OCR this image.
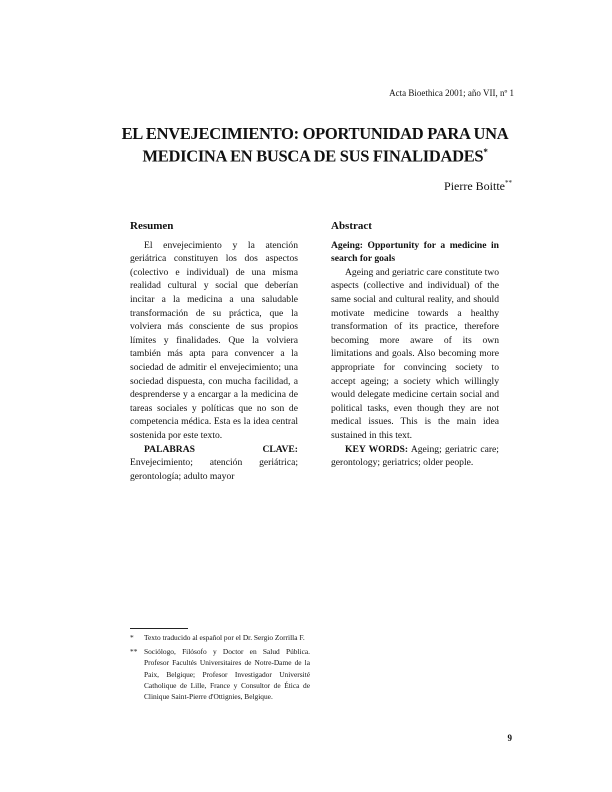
Acta Bioethica 2001; año VII, nº 1
EL ENVEJECIMIENTO: OPORTUNIDAD PARA UNA MEDICINA EN BUSCA DE SUS FINALIDADES*
Pierre Boitte**
Resumen

El envejecimiento y la atención geriátrica constituyen los dos aspectos (colectivo e individual) de una misma realidad cultural y social que deberían incitar a la medicina a una saludable transformación de su práctica, que la volviera más consciente de sus propios límites y finalidades. Que la volviera también más apta para convencer a la sociedad de admitir el envejecimiento; una sociedad dispuesta, con mucha facilidad, a desprenderse y a encargar a la medicina de tareas sociales y políticas que no son de competencia médica. Esta es la idea central sostenida por este texto.

PALABRAS CLAVE: Envejecimiento; atención geriátrica; gerontología; adulto mayor

Abstract

Ageing: Opportunity for a medicine in search for goals

Ageing and geriatric care constitute two aspects (collective and individual) of the same social and cultural reality, and should motivate medicine towards a healthy transformation of its practice, therefore becoming more aware of its own limitations and goals. Also becoming more appropriate for convincing society to accept ageing; a society which willingly would delegate medicine certain social and political tasks, even though they are not medical issues. This is the main idea sustained in this text.

KEY WORDS: Ageing; geriatric care; gerontology; geriatrics; older people.

*	Texto traducido al español por el Dr. Sergio Zorrilla F.
** Sociólogo, Filósofo y Doctor en Salud Pública. Profesor Facultés Universitaires de Notre-Dame de la Paix, Belgique; Profesor Investigador Université Catholique de Lille, France y Consultor de Ética de Clinique Saint-Pierre d'Ottignies, Belgique.
9
